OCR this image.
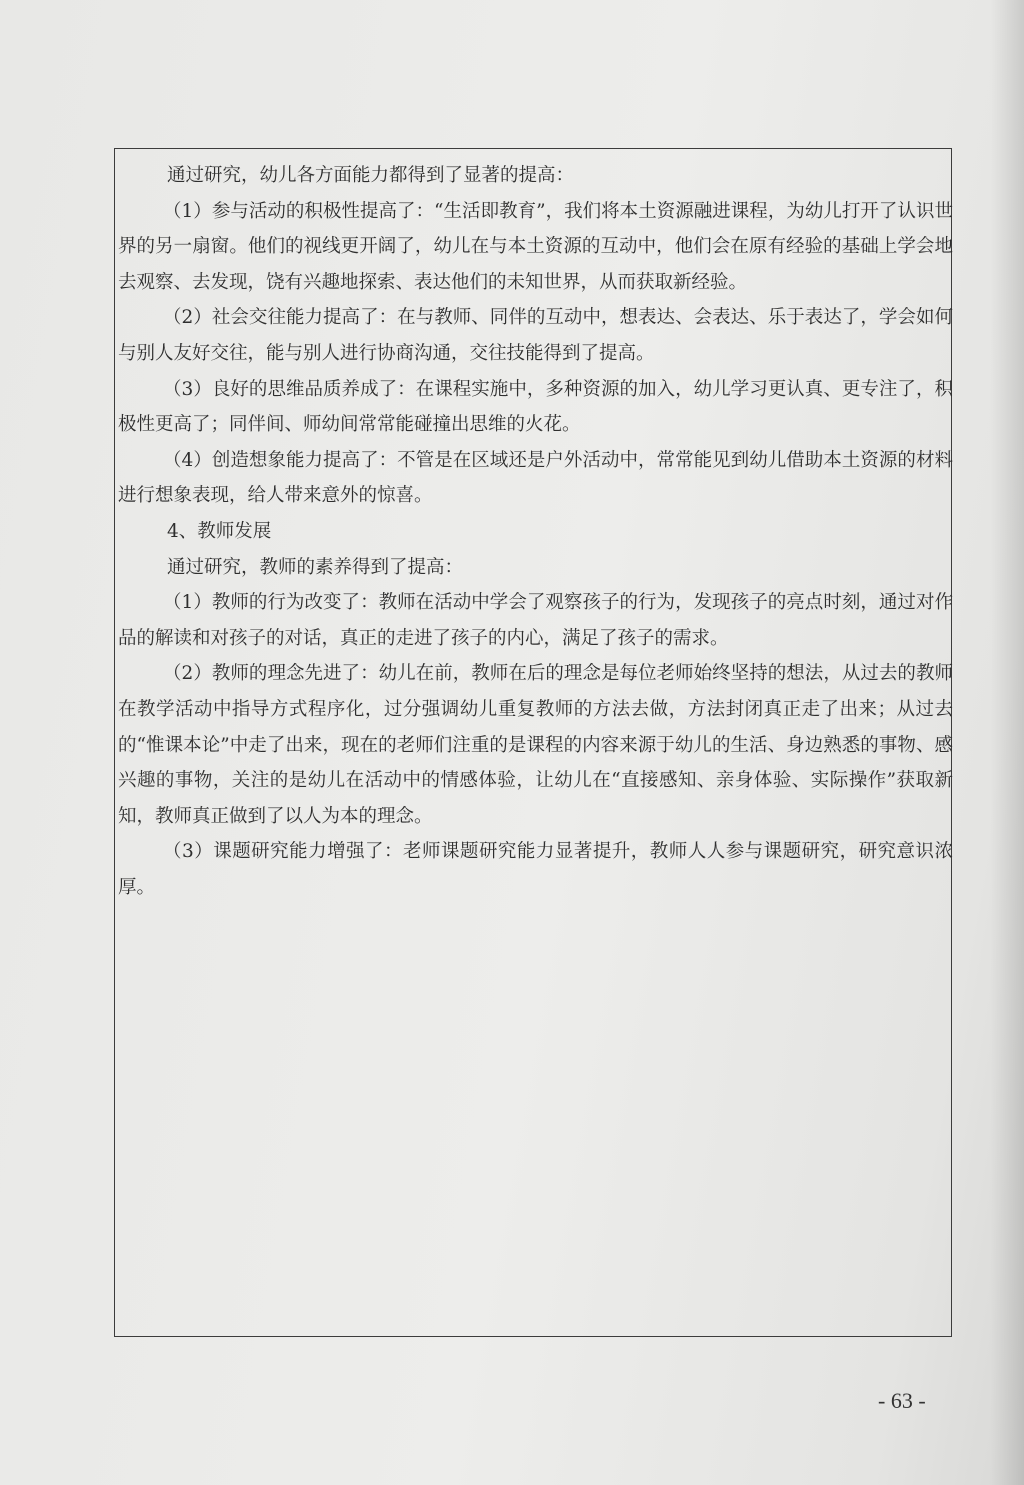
通过研究，幼儿各方面能力都得到了显著的提高：

（1）参与活动的积极性提高了：“生活即教育”，我们将本土资源融进课程，为幼儿打开了认识世界的另一扇窗。他们的视线更开阔了，幼儿在与本土资源的互动中，他们会在原有经验的基础上学会地去观察、去发现，饶有兴趣地探索、表达他们的未知世界，从而获取新经验。

（2）社会交往能力提高了：在与教师、同伴的互动中，想表达、会表达、乐于表达了，学会如何与别人友好交往，能与别人进行协商沟通，交往技能得到了提高。

（3）良好的思维品质养成了：在课程实施中，多种资源的加入，幼儿学习更认真、更专注了，积极性更高了；同伴间、师幼间常常能碰撞出思维的火花。

（4）创造想象能力提高了：不管是在区域还是户外活动中，常常能见到幼儿借助本土资源的材料进行想象表现，给人带来意外的惊喜。

4、教师发展

通过研究，教师的素养得到了提高：

（1）教师的行为改变了：教师在活动中学会了观察孩子的行为，发现孩子的亮点时刻，通过对作品的解读和对孩子的对话，真正的走进了孩子的内心，满足了孩子的需求。

（2）教师的理念先进了：幼儿在前，教师在后的理念是每位老师始终坚持的想法，从过去的教师在教学活动中指导方式程序化，过分强调幼儿重复教师的方法去做，方法封闭真正走了出来；从过去的“惟课本论”中走了出来，现在的老师们注重的是课程的内容来源于幼儿的生活、身边熟悉的事物、感兴趣的事物，关注的是幼儿在活动中的情感体验，让幼儿在“直接感知、亲身体验、实际操作”获取新知，教师真正做到了以人为本的理念。

（3）课题研究能力增强了：老师课题研究能力显著提升，教师人人参与课题研究，研究意识浓厚。

- 63 -
